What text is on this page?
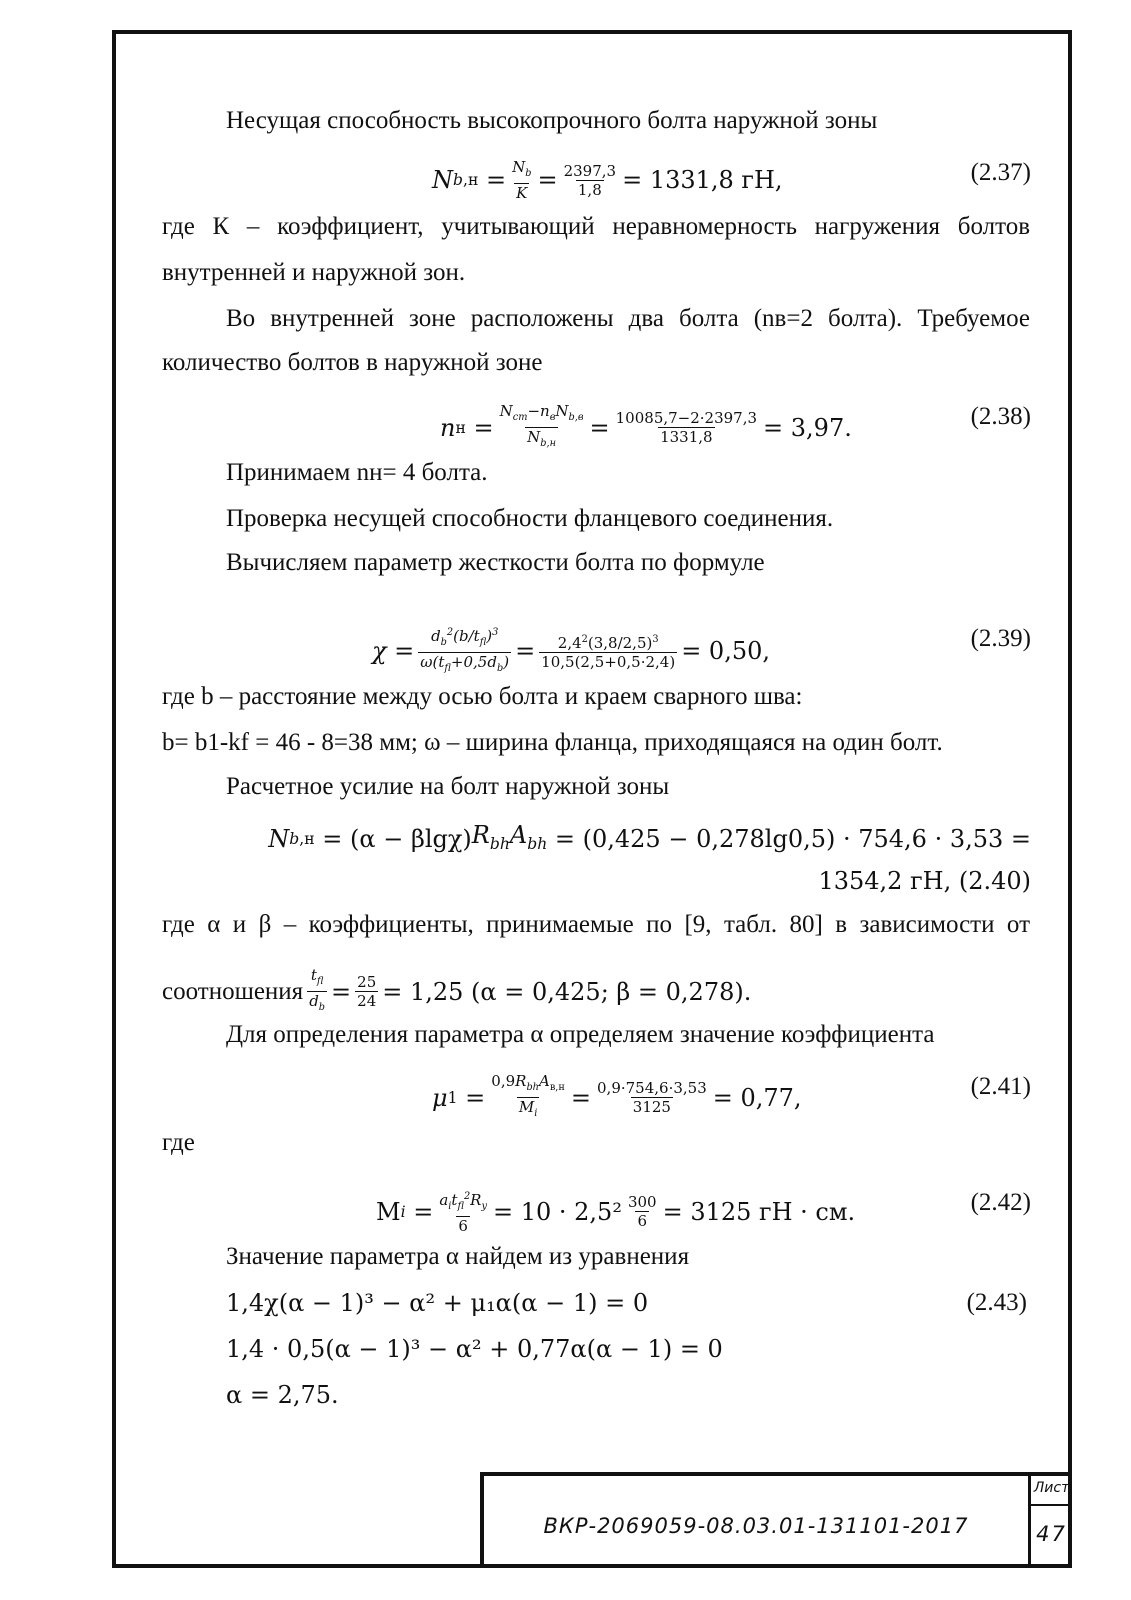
Несущая способность высокопрочного болта наружной зоны
N b $,н = \frac{N_b}{K} = \frac{2397,3}{1,8} = 1331,8$ гН,	(2.37)
где К – коэффициент, учитывающий неравномерность нагружения болтов
внутренней и наружной зон.
Во внутренней зоне расположены два болта (nв=2 болта). Требуемое
количество болтов в наружной зоне
n $н = \frac{N_{ст}-n_вN_{b,в}}{N_{b,н}} = \frac{10085,7-2\cdot 2397,3}{1331,8} = 3,97$.	(2.38)
Принимаем nн= 4 болта.
Проверка несущей способности фланцевого соединения.
Вычисляем параметр жесткости болта по формуле
$\chi = \frac{d_b^2(b/t_{fl})^3}{\omega(t_{fl}+0,5d_b)} = \frac{2,4^2(3,8/2,5)^3}{10,5(2,5+0,5\cdot 2,4)} = 0,50$,	(2.39)
где b – расстояние между осью болта и краем сварного шва:
b= b1-kf = 46 - 8=38 мм; ω – ширина фланца, приходящаяся на один болт.
Расчетное усилие на болт наружной зоны
N b ,н
= (α − βlgχ) $R_{bh}A_{bh}$
= (0,425 − 0,278lg0,5) · 754,6 · 3,53 =
1354,2 гН, (2.40)
где α и β – коэффициенты, принимаемые по [9, табл. 80] в зависимости от
соотношения $\frac{t_{fl}}{d_b} = \frac{25}{24} = 1,25$ (α = 0,425; β = 0,278).
Для определения параметра α определяем значение коэффициента
μ $1 = \frac{0,9R_{bh}A_{в,н}}{M_i} = \frac{0,9\cdot 754,6\cdot 3,53}{3125} = 0,77$,	(2.41)
где
M $i = \frac{a_it_{fl}^2R_y}{6} = 10 \cdot 2,5^2 \frac{300}{6} = 3125$ гН · см.	(2.42)
Значение параметра α найдем из уравнения
1,4χ(α − 1)³ − α² + μ₁α(α − 1) = 0	(2.43)
1,4 · 0,5(α − 1)³ − α² + 0,77α(α − 1) = 0
α = 2,75.
ВКР-2069059-08.03.01-131101-2017
Лист
47
